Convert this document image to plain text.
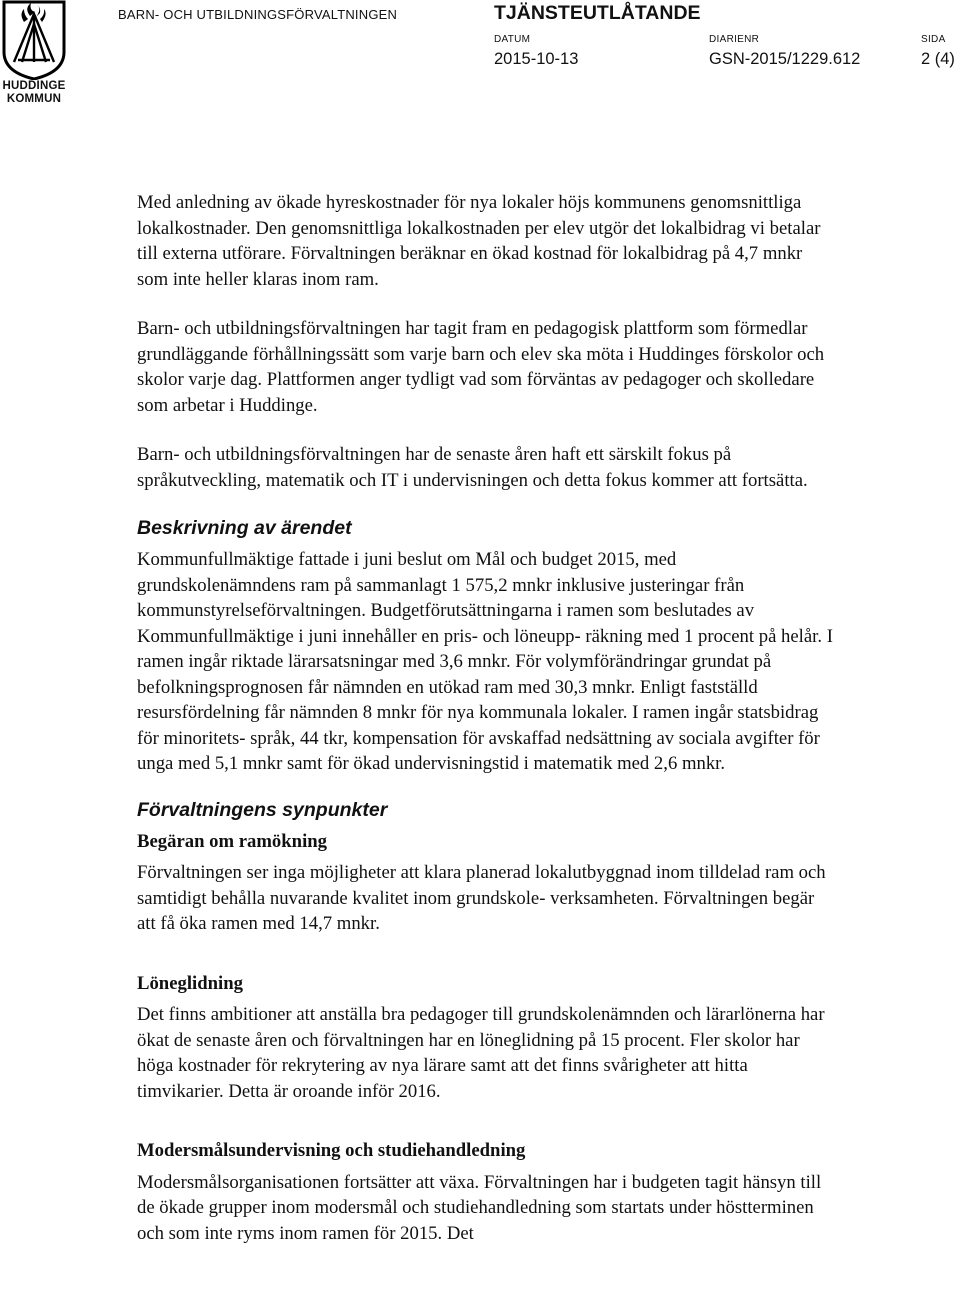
HUDDINGE
KOMMUN
BARN- OCH UTBILDNINGSFÖRVALTNINGEN	TJÄNSTEUTLÅTANDE
DATUM
2015-10-13
DIARIENR
GSN-2015/1229.612
SIDA
2 (4)

Med anledning av ökade hyreskostnader för nya lokaler höjs kommunens genomsnittliga lokalkostnader. Den genomsnittliga lokalkostnaden per elev utgör det lokalbidrag vi betalar till externa utförare. Förvaltningen beräknar en ökad kostnad för lokalbidrag på 4,7 mnkr som inte heller klaras inom ram.

Barn- och utbildningsförvaltningen har tagit fram en pedagogisk plattform som förmedlar grundläggande förhållningssätt som varje barn och elev ska möta i Huddinges förskolor och skolor varje dag. Plattformen anger tydligt vad som förväntas av pedagoger och skolledare som arbetar i Huddinge.

Barn- och utbildningsförvaltningen har de senaste åren haft ett särskilt fokus på språkutveckling, matematik och IT i undervisningen och detta fokus kommer att fortsätta.

Beskrivning av ärendet

Kommunfullmäktige fattade i juni beslut om Mål och budget 2015, med grundskolenämndens ram på sammanlagt 1 575,2 mnkr inklusive justeringar från kommunstyrelseförvaltningen. Budgetförutsättningarna i ramen som beslutades av Kommunfullmäktige i juni innehåller en pris- och löneupp- räkning med 1 procent på helår. I ramen ingår riktade lärarsatsningar med 3,6 mnkr. För volymförändringar grundat på befolkningsprognosen får nämnden en utökad ram med 30,3 mnkr. Enligt fastställd resursfördelning får nämnden 8 mnkr för nya kommunala lokaler. I ramen ingår statsbidrag för minoritets- språk, 44 tkr, kompensation för avskaffad nedsättning av sociala avgifter för unga med 5,1 mnkr samt för ökad undervisningstid i matematik med 2,6 mnkr.

Förvaltningens synpunkter
Begäran om ramökning

Förvaltningen ser inga möjligheter att klara planerad lokalutbyggnad inom tilldelad ram och samtidigt behålla nuvarande kvalitet inom grundskole- verksamheten. Förvaltningen begär att få öka ramen med 14,7 mnkr.

Löneglidning

Det finns ambitioner att anställa bra pedagoger till grundskolenämnden och lärarlönerna har ökat de senaste åren och förvaltningen har en löneglidning på 15 procent. Fler skolor har höga kostnader för rekrytering av nya lärare samt att det finns svårigheter att hitta timvikarier. Detta är oroande inför 2016.

Modersmålsundervisning och studiehandledning

Modersmålsorganisationen fortsätter att växa. Förvaltningen har i budgeten tagit hänsyn till de ökade grupper inom modersmål och studiehandledning som startats under höstterminen och som inte ryms inom ramen för 2015. Det
